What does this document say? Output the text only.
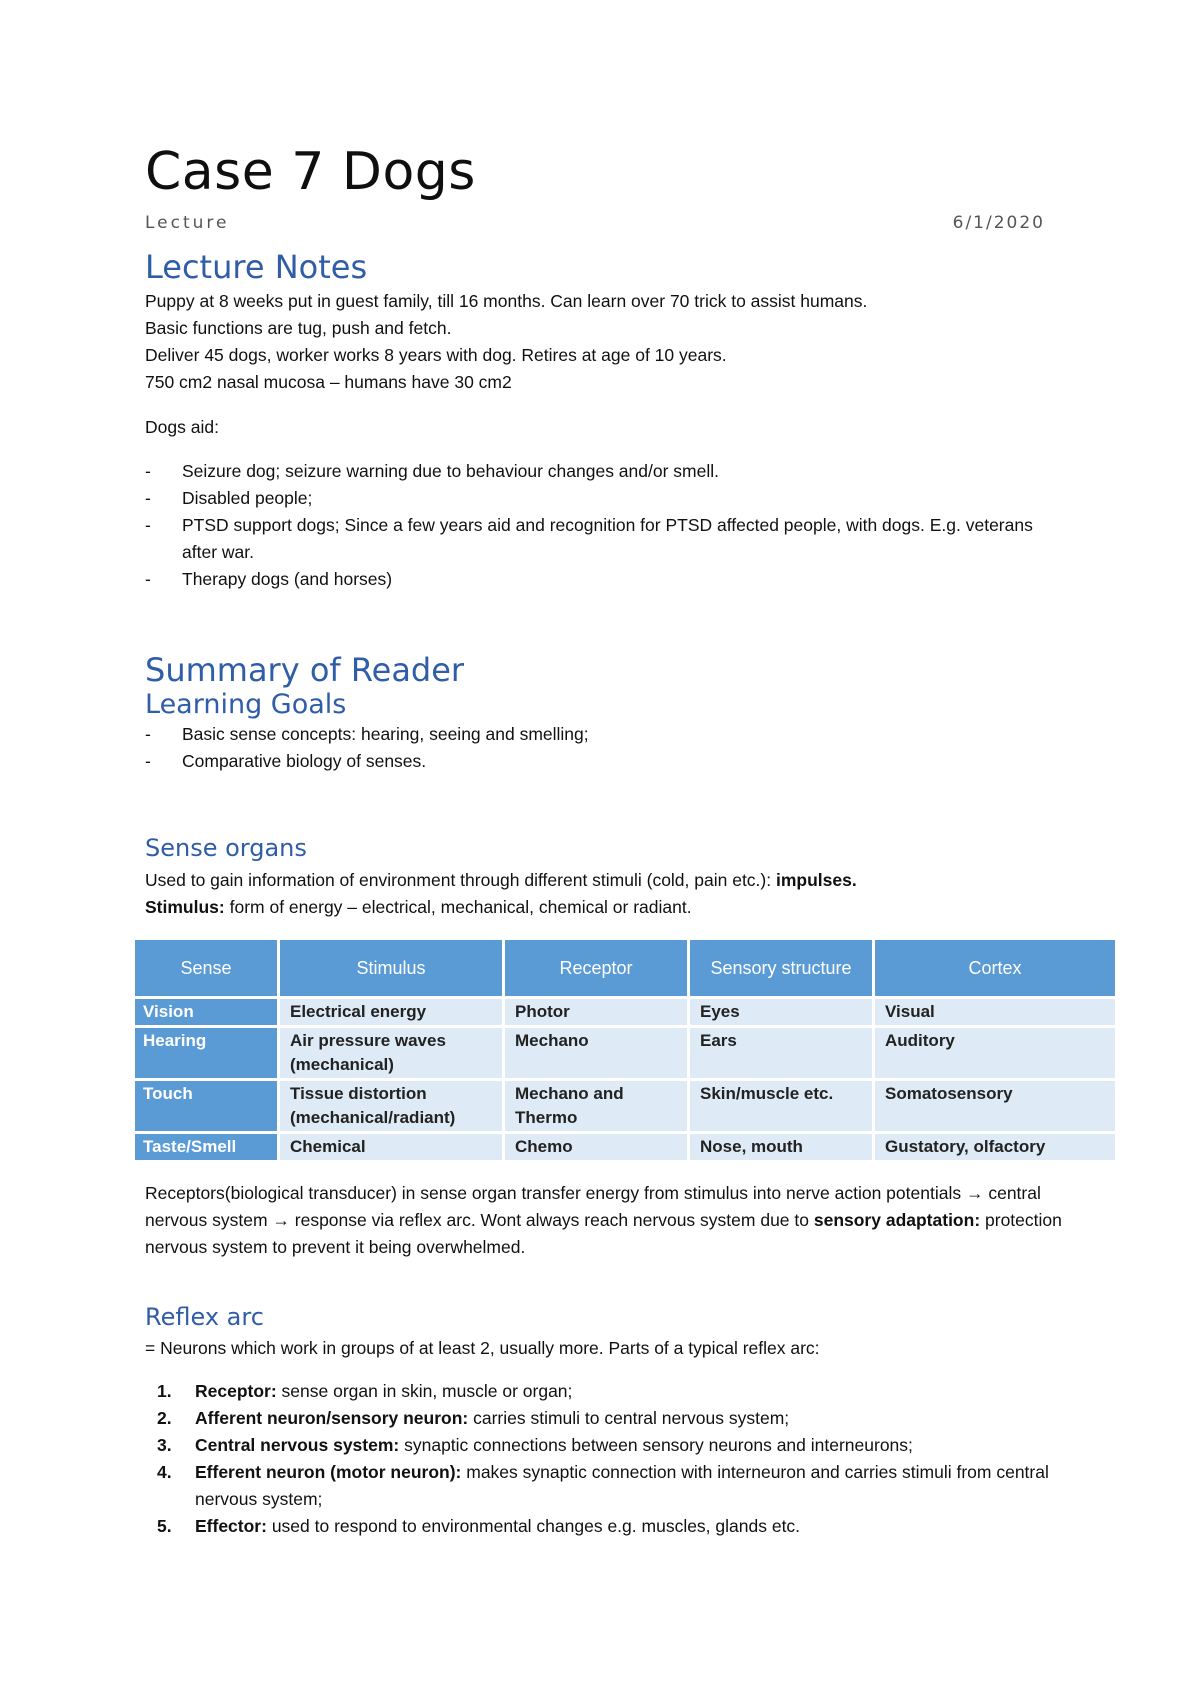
Case 7 Dogs
Lecture	6/1/2020
Lecture Notes

Puppy at 8 weeks put in guest family, till 16 months. Can learn over 70 trick to assist humans.

Basic functions are tug, push and fetch.

Deliver 45 dogs, worker works 8 years with dog. Retires at age of 10 years.

750 cm2 nasal mucosa – humans have 30 cm2

Dogs aid:
- Seizure dog; seizure warning due to behaviour changes and/or smell.
- Disabled people;
- PTSD support dogs; Since a few years aid and recognition for PTSD affected people, with dogs. E.g. veterans after war.
- Therapy dogs (and horses)
Summary of Reader
Learning Goals
- Basic sense concepts: hearing, seeing and smelling;
- Comparative biology of senses.
Sense organs

Used to gain information of environment through different stimuli (cold, pain etc.): impulses.

Stimulus: form of energy – electrical, mechanical, chemical or radiant.

Sense	Stimulus	Receptor	Sensory structure	Cortex
Vision	Electrical energy	Photor	Eyes	Visual
Hearing	Air pressure waves (mechanical)	Mechano	Ears	Auditory
Touch	Tissue distortion (mechanical/radiant)	Mechano and Thermo	Skin/muscle etc.	Somatosensory
Taste/Smell	Chemical	Chemo	Nose, mouth	Gustatory, olfactory
Receptors(biological transducer) in sense organ transfer energy from stimulus into nerve action potentials → central nervous system → response via reflex arc. Wont always reach nervous system due to sensory adaptation: protection nervous system to prevent it being overwhelmed.
Reflex arc
= Neurons which work in groups of at least 2, usually more. Parts of a typical reflex arc:
1. Receptor: sense organ in skin, muscle or organ;
2. Afferent neuron/sensory neuron: carries stimuli to central nervous system;
3. Central nervous system: synaptic connections between sensory neurons and interneurons;
4. Efferent neuron (motor neuron): makes synaptic connection with interneuron and carries stimuli from central nervous system;
5. Effector: used to respond to environmental changes e.g. muscles, glands etc.
